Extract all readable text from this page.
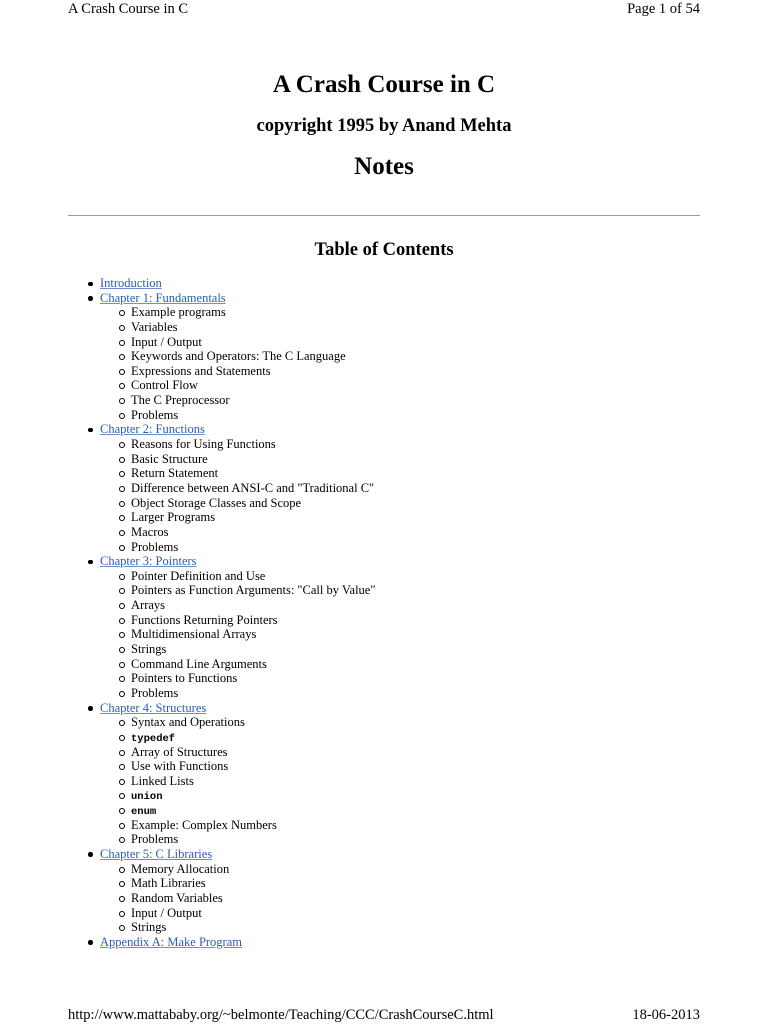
A Crash Course in C	Page 1 of 54
A Crash Course in C
copyright 1995 by Anand Mehta
Notes
Table of Contents
Introduction
Chapter 1: Fundamentals
Example programs
Variables
Input / Output
Keywords and Operators: The C Language
Expressions and Statements
Control Flow
The C Preprocessor
Problems
Chapter 2: Functions
Reasons for Using Functions
Basic Structure
Return Statement
Difference between ANSI-C and "Traditional C"
Object Storage Classes and Scope
Larger Programs
Macros
Problems
Chapter 3: Pointers
Pointer Definition and Use
Pointers as Function Arguments: "Call by Value"
Arrays
Functions Returning Pointers
Multidimensional Arrays
Strings
Command Line Arguments
Pointers to Functions
Problems
Chapter 4: Structures
Syntax and Operations
typedef
Array of Structures
Use with Functions
Linked Lists
union
enum
Example: Complex Numbers
Problems
Chapter 5: C Libraries
Memory Allocation
Math Libraries
Random Variables
Input / Output
Strings
Appendix A: Make Program
http://www.mattababy.org/~belmonte/Teaching/CCC/CrashCourseC.html	18-06-2013
